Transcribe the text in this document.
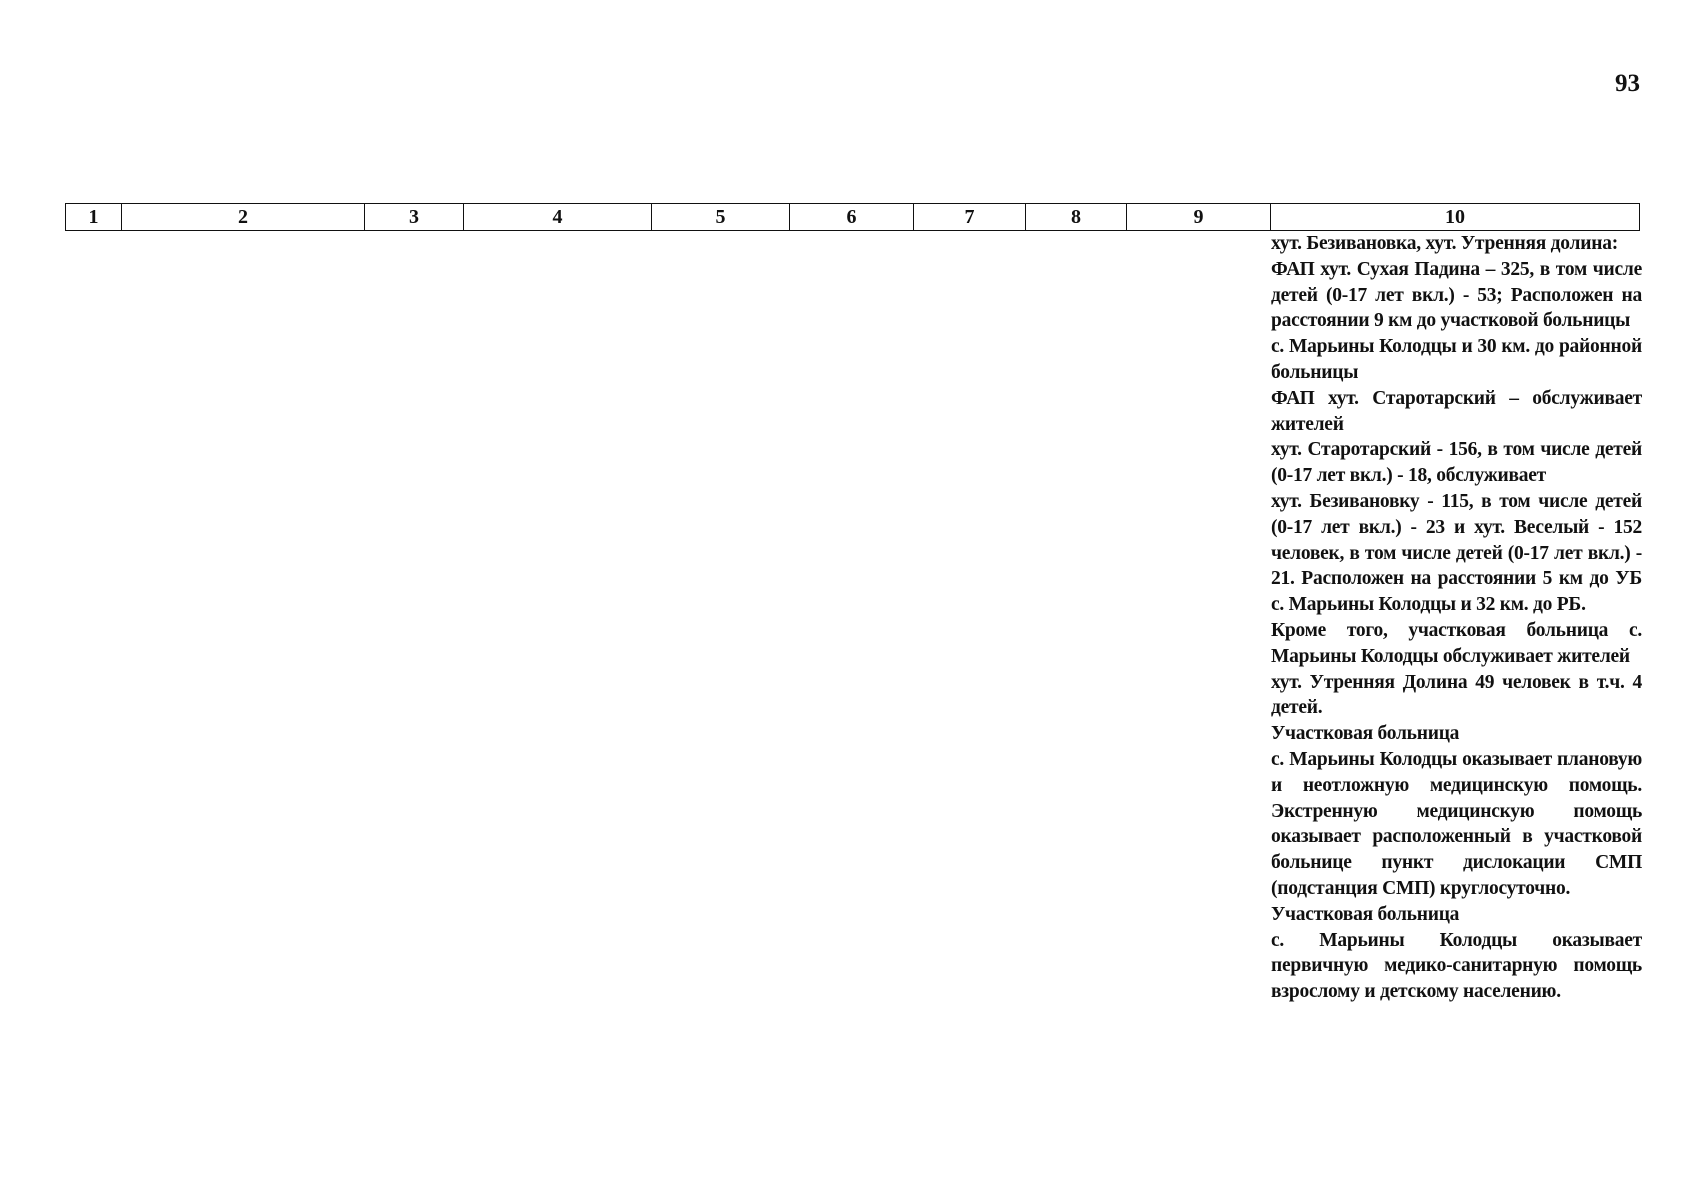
93
1	2	3	4	5	6	7	8	9	10

хут. Безивановка, хут. Утренняя долина:

ФАП хут. Сухая Падина – 325, в том числе детей (0-17 лет вкл.) - 53; Расположен на расстоянии 9 км до участковой больницы

с. Марьины Колодцы и 30 км. до районной больницы

ФАП хут. Старотарский – обслуживает жителей

хут. Старотарский - 156, в том числе детей (0-17 лет вкл.) - 18, обслуживает

хут. Безивановку - 115, в том числе детей (0-17 лет вкл.) - 23 и хут. Веселый - 152 человек, в том числе детей (0-17 лет вкл.) - 21. Расположен на расстоянии 5 км до УБ с. Марьины Колодцы и 32 км. до РБ.

Кроме того, участковая больница с. Марьины Колодцы обслуживает жителей

хут. Утренняя Долина 49 человек в т.ч. 4 детей.

Участковая больница

с. Марьины Колодцы оказывает плановую и неотложную медицинскую помощь. Экстренную медицинскую помощь оказывает расположенный в участковой больнице пункт дислокации СМП (подстанция СМП) круглосуточно.

Участковая больница

с. Марьины Колодцы оказывает первичную медико-санитарную помощь взрослому и детскому населению.
